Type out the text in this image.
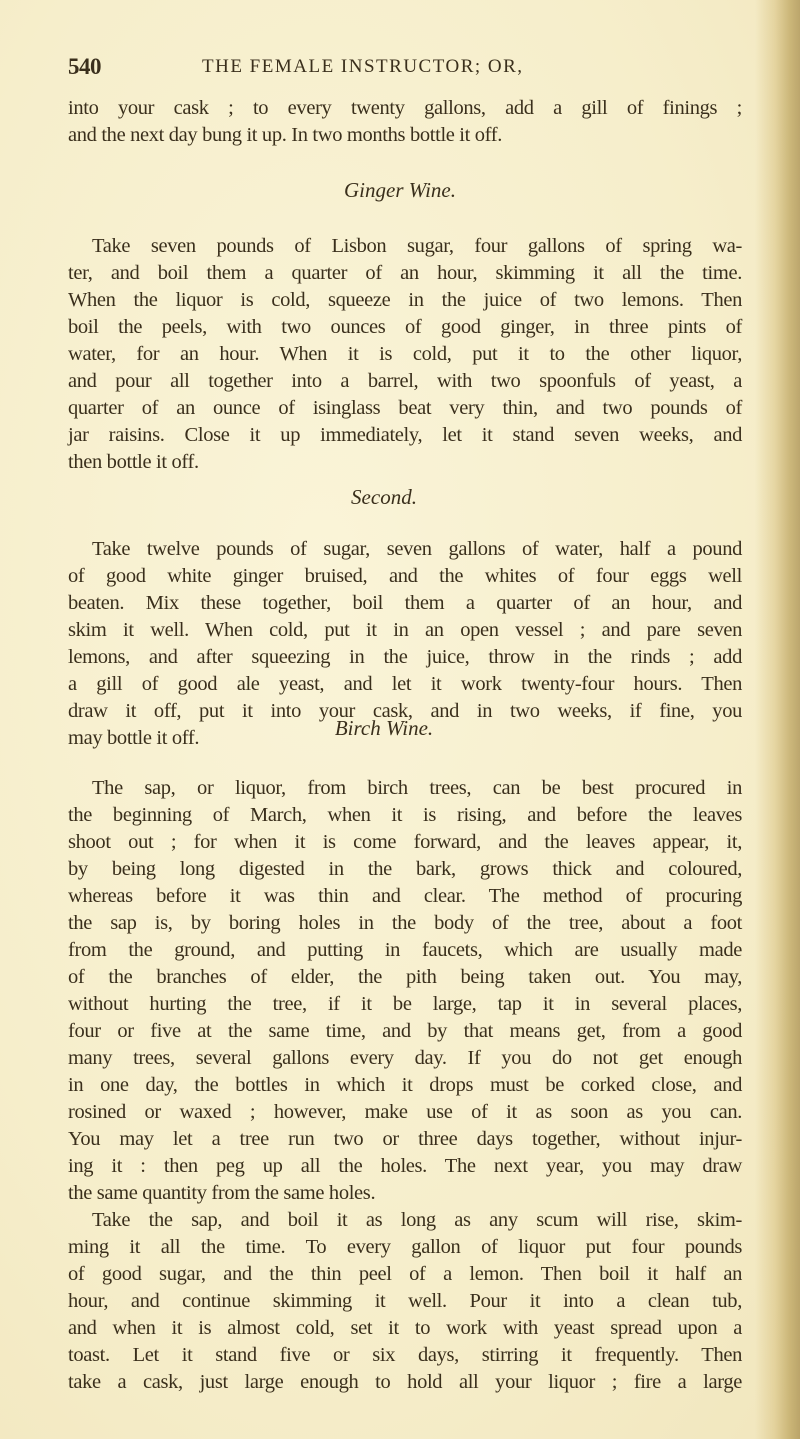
540	THE FEMALE INSTRUCTOR; OR,
into your cask ; to every twenty gallons, add a gill of finings ;
and the next day bung it up. In two months bottle it off.
Ginger Wine.
Take seven pounds of Lisbon sugar, four gallons of spring wa-
ter, and boil them a quarter of an hour, skimming it all the time.
When the liquor is cold, squeeze in the juice of two lemons. Then
boil the peels, with two ounces of good ginger, in three pints of
water, for an hour. When it is cold, put it to the other liquor,
and pour all together into a barrel, with two spoonfuls of yeast, a
quarter of an ounce of isinglass beat very thin, and two pounds of
jar raisins. Close it up immediately, let it stand seven weeks, and
then bottle it off.
Second.
Take twelve pounds of sugar, seven gallons of water, half a pound
of good white ginger bruised, and the whites of four eggs well
beaten. Mix these together, boil them a quarter of an hour, and
skim it well. When cold, put it in an open vessel ; and pare seven
lemons, and after squeezing in the juice, throw in the rinds ; add
a gill of good ale yeast, and let it work twenty-four hours. Then
draw it off, put it into your cask, and in two weeks, if fine, you
may bottle it off.	Birch Wine.
The sap, or liquor, from birch trees, can be best procured in
the beginning of March, when it is rising, and before the leaves
shoot out ; for when it is come forward, and the leaves appear, it,
by being long digested in the bark, grows thick and coloured,
whereas before it was thin and clear. The method of procuring
the sap is, by boring holes in the body of the tree, about a foot
from the ground, and putting in faucets, which are usually made
of the branches of elder, the pith being taken out. You may,
without hurting the tree, if it be large, tap it in several places,
four or five at the same time, and by that means get, from a good
many trees, several gallons every day. If you do not get enough
in one day, the bottles in which it drops must be corked close, and
rosined or waxed ; however, make use of it as soon as you can.
You may let a tree run two or three days together, without injur-
ing it : then peg up all the holes. The next year, you may draw
the same quantity from the same holes.
Take the sap, and boil it as long as any scum will rise, skim-
ming it all the time. To every gallon of liquor put four pounds
of good sugar, and the thin peel of a lemon. Then boil it half an
hour, and continue skimming it well. Pour it into a clean tub,
and when it is almost cold, set it to work with yeast spread upon a
toast. Let it stand five or six days, stirring it frequently. Then
take a cask, just large enough to hold all your liquor ; fire a large
